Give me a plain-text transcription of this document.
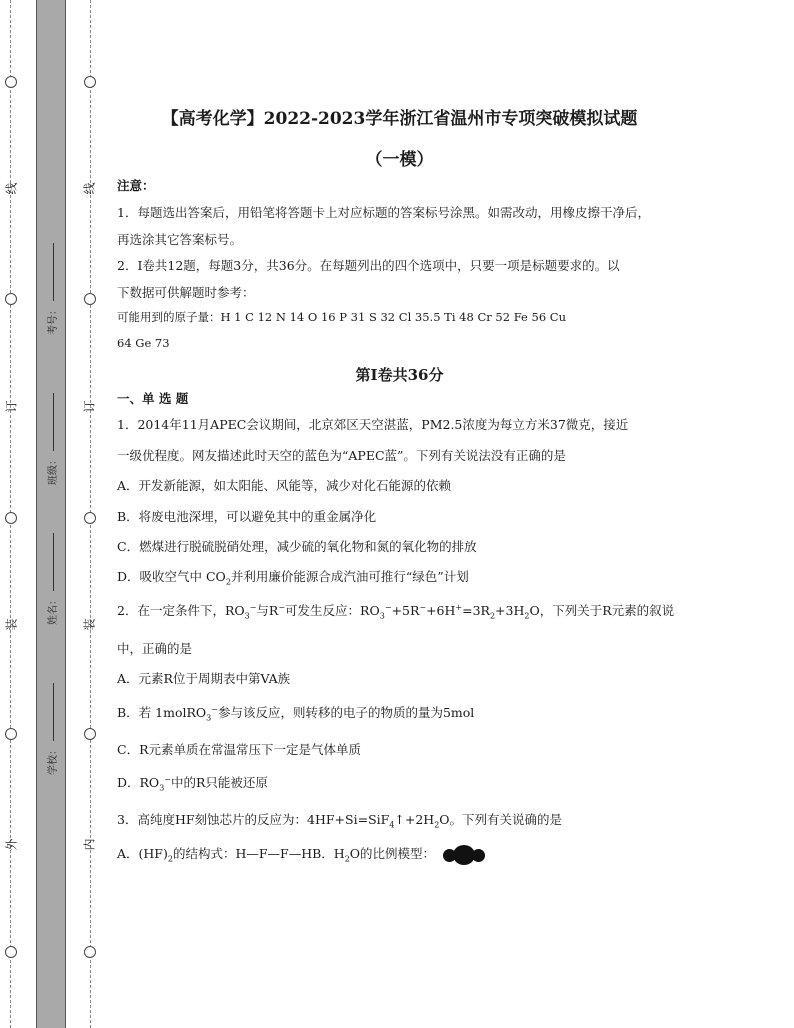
线
订
装
外
线
订
装
内
考号：
班级：
姓名：
学校：
【高考化学】2022-2023学年浙江省温州市专项突破模拟试题
（一模）
注意：
1．每题选出答案后，用铅笔将答题卡上对应标题的答案标号涂黑。如需改动，用橡皮擦干净后，
再选涂其它答案标号。
2．I卷共12题，每题3分，共36分。在每题列出的四个选项中，只要一项是标题要求的。以
下数据可供解题时参考：
可能用到的原子量：H 1 C 12 N 14 O 16 P 31 S 32 Cl 35.5 Ti 48 Cr 52 Fe 56 Cu
64 Ge 73
第I卷共36分
一、单 选 题
1．2014年11月APEC会议期间，北京郊区天空湛蓝，PM2.5浓度为每立方米37微克，接近
一级优程度。网友描述此时天空的蓝色为“APEC蓝”。下列有关说法没有正确的是
A．开发新能源，如太阳能、风能等，减少对化石能源的依赖
B．将废电池深埋，可以避免其中的重金属净化
C．燃煤进行脱硫脱硝处理，减少硫的氧化物和氮的氧化物的排放
D．吸收空气中 $CO_2$并利用廉价能源合成汽油可推行“绿色”计划
2．在一定条件下，$RO_3^-$与R−可发生反应：$RO_3^-+5R^-+6H^+=3R_2+3H_2O$，下列关于R元素的叙说
中，正确的是
A．元素R位于周期表中第VA族
B．若 1molRO$_3$−参与该反应，则转移的电子的物质的量为5mol
C．R元素单质在常温常压下一定是气体单质
D．$RO_3^-$中的R只能被还原
3．高纯度HF刻蚀芯片的反应为：$4HF+Si=SiF_4↑+2H_2O$。下列有关说确的是
A．$(HF)_2$的结构式：H—F—F—HB．$H_2O$的比例模型：
